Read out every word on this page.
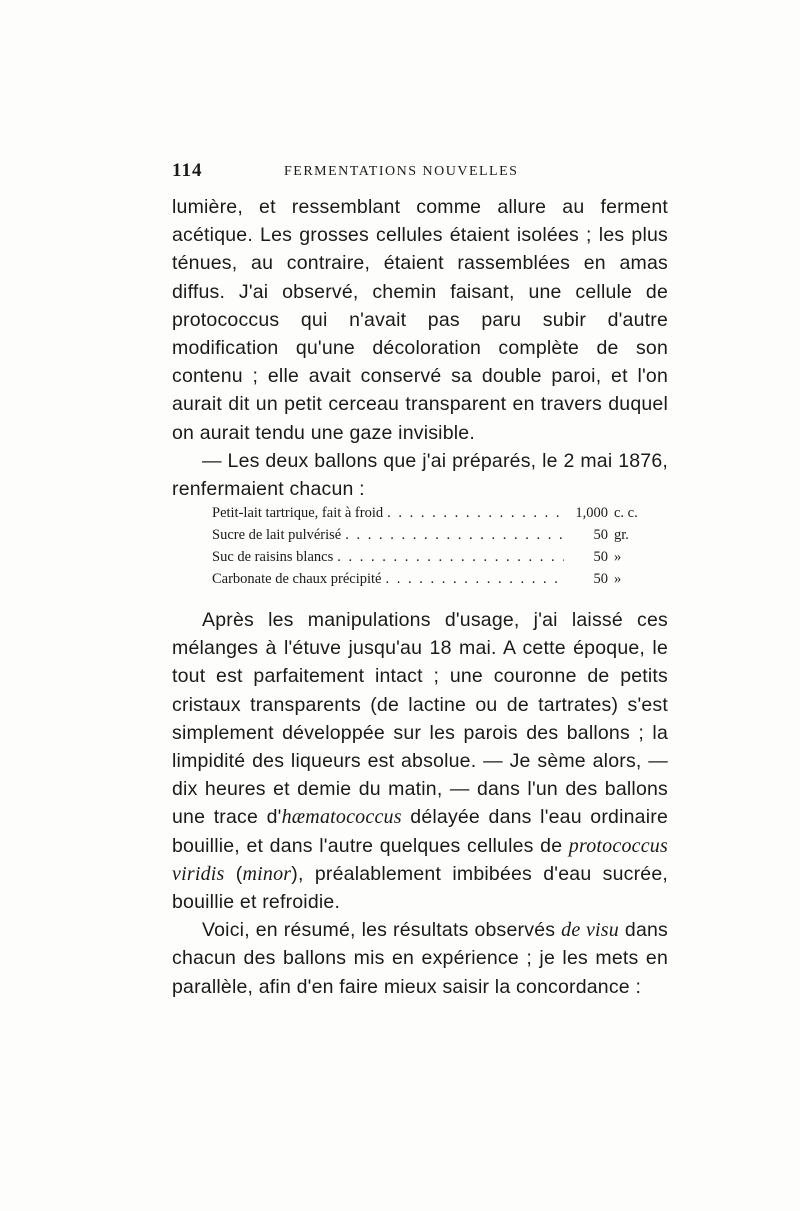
114	FERMENTATIONS NOUVELLES

lumière, et ressemblant comme allure au ferment acétique. Les grosses cellules étaient isolées ; les plus ténues, au contraire, étaient rassemblées en amas diffus. J'ai observé, chemin faisant, une cellule de protococcus qui n'avait pas paru subir d'autre modification qu'une décoloration complète de son contenu ; elle avait conservé sa double paroi, et l'on aurait dit un petit cerceau transparent en travers duquel on aurait tendu une gaze invisible.

— Les deux ballons que j'ai préparés, le 2 mai 1876, renfermaient chacun :

Petit-lait tartrique, fait à froid . . .	1,000 c. c.
Sucre de lait pulvérisé . . .	50 gr.
Suc de raisins blancs . . .	50 »
Carbonate de chaux précipité . . .	50 »

Après les manipulations d'usage, j'ai laissé ces mélanges à l'étuve jusqu'au 18 mai. A cette époque, le tout est parfaitement intact ; une couronne de petits cristaux transparents (de lactine ou de tartrates) s'est simplement développée sur les parois des ballons ; la limpidité des liqueurs est absolue. — Je sème alors, — dix heures et demie du matin, — dans l'un des ballons une trace d'hæmatococcus délayée dans l'eau ordinaire bouillie, et dans l'autre quelques cellules de protococcus viridis (minor), préalablement imbibées d'eau sucrée, bouillie et refroidie.

Voici, en résumé, les résultats observés de visu dans chacun des ballons mis en expérience ; je les mets en parallèle, afin d'en faire mieux saisir la concordance :
